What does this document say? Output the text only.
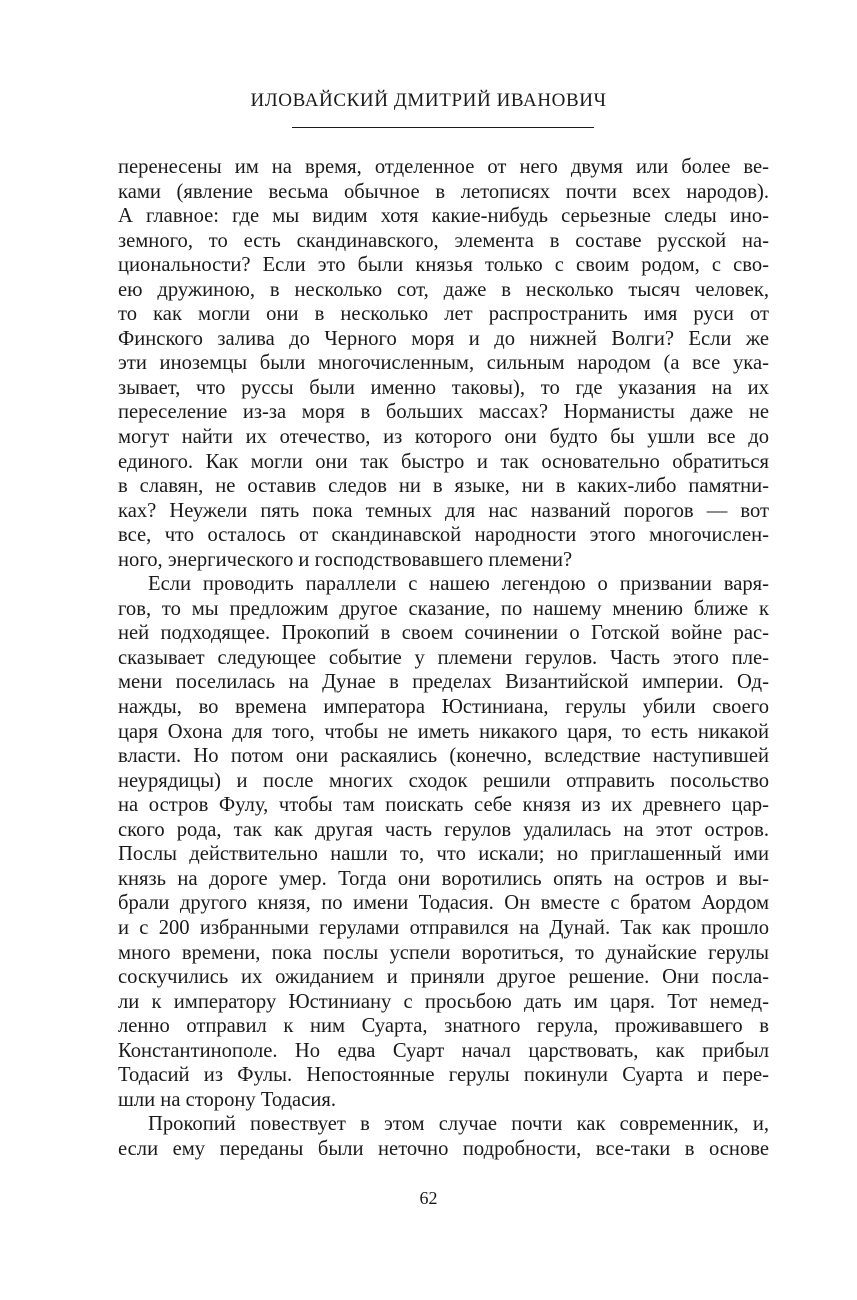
ИЛОВАЙСКИЙ ДМИТРИЙ ИВАНОВИЧ
перенесены им на время, отделенное от него двумя или более ве-
ками (явление весьма обычное в летописях почти всех народов).
А главное: где мы видим хотя какие-нибудь серьезные следы ино-
земного, то есть скандинавского, элемента в составе русской на-
циональности? Если это были князья только с своим родом, с сво-
ею дружиною, в несколько сот, даже в несколько тысяч человек,
то как могли они в несколько лет распространить имя руси от
Финского залива до Черного моря и до нижней Волги? Если же
эти иноземцы были многочисленным, сильным народом (а все ука-
зывает, что руссы были именно таковы), то где указания на их
переселение из-за моря в больших массах? Норманисты даже не
могут найти их отечество, из которого они будто бы ушли все до
единого. Как могли они так быстро и так основательно обратиться
в славян, не оставив следов ни в языке, ни в каких-либо памятни-
ках? Неужели пять пока темных для нас названий порогов — вот
все, что осталось от скандинавской народности этого многочислен-
ного, энергического и господствовавшего племени?
Если проводить параллели с нашею легендою о призвании варя-
гов, то мы предложим другое сказание, по нашему мнению ближе к
ней подходящее. Прокопий в своем сочинении о Готской войне рас-
сказывает следующее событие у племени герулов. Часть этого пле-
мени поселилась на Дунае в пределах Византийской империи. Од-
нажды, во времена императора Юстиниана, герулы убили своего
царя Охона для того, чтобы не иметь никакого царя, то есть никакой
власти. Но потом они раскаялись (конечно, вследствие наступившей
неурядицы) и после многих сходок решили отправить посольство
на остров Фулу, чтобы там поискать себе князя из их древнего цар-
ского рода, так как другая часть герулов удалилась на этот остров.
Послы действительно нашли то, что искали; но приглашенный ими
князь на дороге умер. Тогда они воротились опять на остров и вы-
брали другого князя, по имени Тодасия. Он вместе с братом Аордом
и с 200 избранными герулами отправился на Дунай. Так как прошло
много времени, пока послы успели воротиться, то дунайские герулы
соскучились их ожиданием и приняли другое решение. Они посла-
ли к императору Юстиниану с просьбою дать им царя. Тот немед-
ленно отправил к ним Суарта, знатного герула, проживавшего в
Константинополе. Но едва Суарт начал царствовать, как прибыл
Тодасий из Фулы. Непостоянные герулы покинули Суарта и пере-
шли на сторону Тодасия.
Прокопий повествует в этом случае почти как современник, и,
если ему переданы были неточно подробности, все-таки в основе
62
